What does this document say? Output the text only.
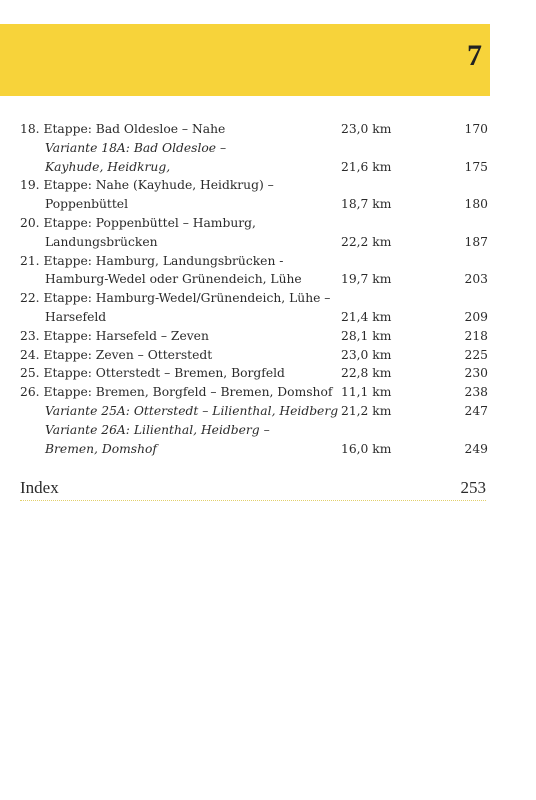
7
18. Etappe: Bad Oldesloe – Nahe	23,0 km	170
Variante 18A: Bad Oldesloe –
Kayhude, Heidkrug,	21,6 km	175
19. Etappe: Nahe (Kayhude, Heidkrug) –
Poppenbüttel	18,7 km	180
20. Etappe: Poppenbüttel – Hamburg,
Landungsbrücken	22,2 km	187
21. Etappe: Hamburg, Landungsbrücken -
Hamburg-Wedel oder Grünendeich, Lühe	19,7 km	203
22. Etappe: Hamburg-Wedel/Grünendeich, Lühe –
Harsefeld	21,4 km	209
23. Etappe: Harsefeld – Zeven	28,1 km	218
24. Etappe: Zeven – Otterstedt	23,0 km	225
25. Etappe: Otterstedt – Bremen, Borgfeld	22,8 km	230
26. Etappe: Bremen, Borgfeld – Bremen, Domshof 11,1 km	238
Variante 25A: Otterstedt – Lilienthal, Heidberg 21,2 km	247
Variante 26A: Lilienthal, Heidberg –
Bremen, Domshof	16,0 km	249
Index	253
